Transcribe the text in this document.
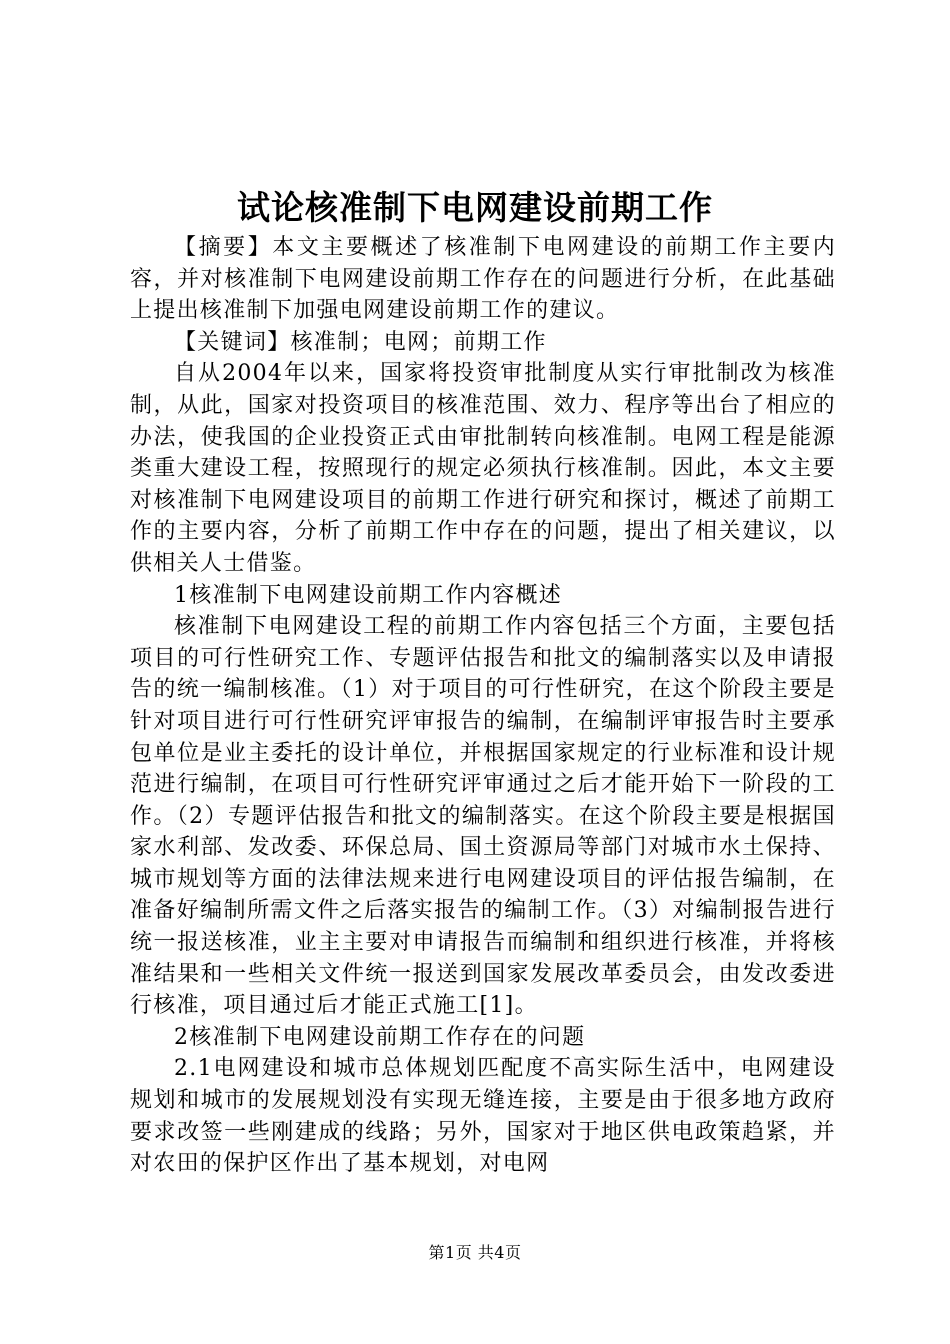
试论核准制下电网建设前期工作

【摘要】本文主要概述了核准制下电网建设的前期工作主要内容，并对核准制下电网建设前期工作存在的问题进行分析，在此基础上提出核准制下加强电网建设前期工作的建议。

【关键词】核准制；电网；前期工作

自从2004年以来，国家将投资审批制度从实行审批制改为核准制，从此，国家对投资项目的核准范围、效力、程序等出台了相应的办法，使我国的企业投资正式由审批制转向核准制。电网工程是能源类重大建设工程，按照现行的规定必须执行核准制。因此，本文主要对核准制下电网建设项目的前期工作进行研究和探讨，概述了前期工作的主要内容，分析了前期工作中存在的问题，提出了相关建议，以供相关人士借鉴。

1核准制下电网建设前期工作内容概述

核准制下电网建设工程的前期工作内容包括三个方面，主要包括项目的可行性研究工作、专题评估报告和批文的编制落实以及申请报告的统一编制核准。（1）对于项目的可行性研究，在这个阶段主要是针对项目进行可行性研究评审报告的编制，在编制评审报告时主要承包单位是业主委托的设计单位，并根据国家规定的行业标准和设计规范进行编制，在项目可行性研究评审通过之后才能开始下一阶段的工作。（2）专题评估报告和批文的编制落实。在这个阶段主要是根据国家水利部、发改委、环保总局、国土资源局等部门对城市水土保持、城市规划等方面的法律法规来进行电网建设项目的评估报告编制，在准备好编制所需文件之后落实报告的编制工作。（3）对编制报告进行统一报送核准，业主主要对申请报告而编制和组织进行核准，并将核准结果和一些相关文件统一报送到国家发展改革委员会，由发改委进行核准，项目通过后才能正式施工[1]。

2核准制下电网建设前期工作存在的问题

2.1电网建设和城市总体规划匹配度不高实际生活中，电网建设规划和城市的发展规划没有实现无缝连接，主要是由于很多地方政府要求改签一些刚建成的线路；另外，国家对于地区供电政策趋紧，并对农田的保护区作出了基本规划，对电网

第1页 共4页
